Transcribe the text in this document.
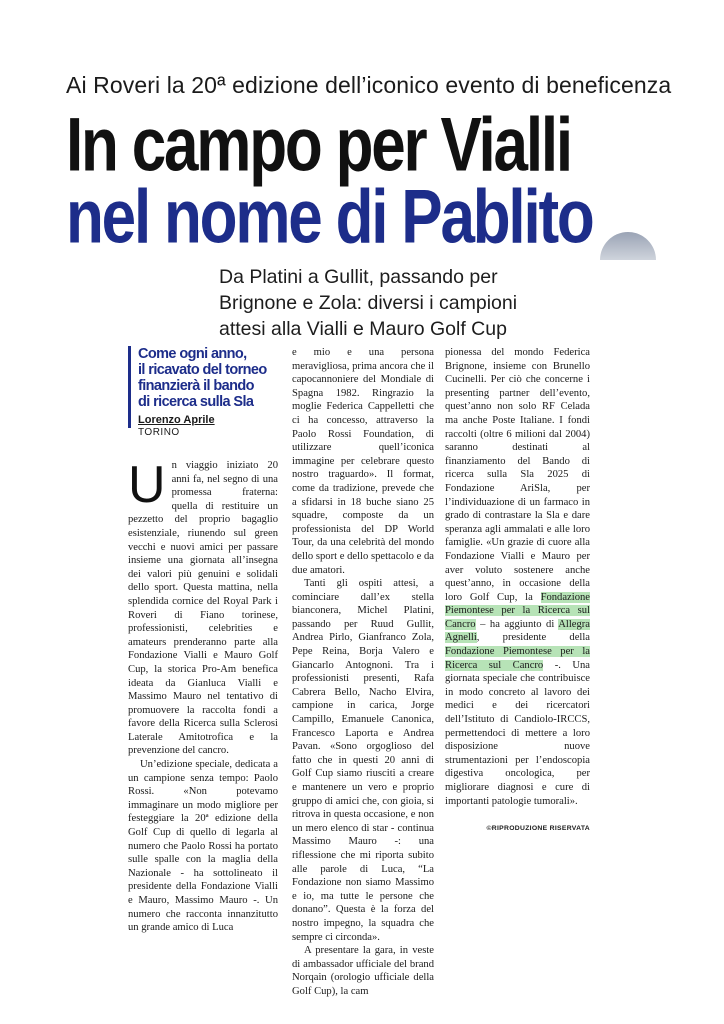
Ai Roveri la 20ª edizione dell’iconico evento di beneficenza
In campo per Vialli
nel nome di Pablito
Da Platini a Gullit, passando per
Brignone e Zola: diversi i campioni
attesi alla Vialli e Mauro Golf Cup
Come ogni anno,
il ricavato del torneo
finanzierà il bando
di ricerca sulla Sla
Lorenzo Aprile
TORINO

Un viaggio iniziato 20 anni fa, nel segno di una promessa fraterna: quella di restituire un pezzetto del proprio bagaglio esistenziale, riunendo sul green vecchi e nuovi amici per passare insieme una giornata all’insegna dei valori più genuini e solidali dello sport. Questa mattina, nella splendida cornice del Royal Park i Roveri di Fiano torinese, professionisti, celebrities e amateurs prenderanno parte alla Fondazione Vialli e Mauro Golf Cup, la storica Pro-Am benefica ideata da Gianluca Vialli e Massimo Mauro nel tentativo di promuovere la raccolta fondi a favore della Ricerca sulla Sclerosi Laterale Amitotrofica e la prevenzione del cancro.

Un’edizione speciale, dedicata a un campione senza tempo: Paolo Rossi. «Non potevamo immaginare un modo migliore per festeggiare la 20ª edizione della Golf Cup di quello di legarla al numero che Paolo Rossi ha portato sulle spalle con la maglia della Nazionale - ha sottolineato il presidente della Fondazione Vialli e Mauro, Massimo Mauro -. Un numero che racconta innanzitutto un grande amico di Luca

e mio e una persona meravigliosa, prima ancora che il capocannoniere del Mondiale di Spagna 1982. Ringrazio la moglie Federica Cappelletti che ci ha concesso, attraverso la Paolo Rossi Foundation, di utilizzare quell’iconica immagine per celebrare questo nostro traguardo». Il format, come da tradizione, prevede che a sfidarsi in 18 buche siano 25 squadre, composte da un professionista del DP World Tour, da una celebrità del mondo dello sport e dello spettacolo e da due amatori.

Tanti gli ospiti attesi, a cominciare dall’ex stella bianconera, Michel Platini, passando per Ruud Gullit, Andrea Pirlo, Gianfranco Zola, Pepe Reina, Borja Valero e Giancarlo Antognoni. Tra i professionisti presenti, Rafa Cabrera Bello, Nacho Elvira, campione in carica, Jorge Campillo, Emanuele Canonica, Francesco Laporta e Andrea Pavan. «Sono orgoglioso del fatto che in questi 20 anni di Golf Cup siamo riusciti a creare e mantenere un vero e proprio gruppo di amici che, con gioia, si ritrova in questa occasione, e non un mero elenco di star - continua Massimo Mauro -: una riflessione che mi riporta subito alle parole di Luca, “La Fondazione non siamo Massimo e io, ma tutte le persone che donano”. Questa è la forza del nostro impegno, la squadra che sempre ci circonda».

A presentare la gara, in veste di ambassador ufficiale del brand Norqain (orologio ufficiale della Golf Cup), la cam

pionessa del mondo Federica Brignone, insieme con Brunello Cucinelli. Per ciò che concerne i presenting partner dell’evento, quest’anno non solo RF Celada ma anche Poste Italiane. I fondi raccolti (oltre 6 milioni dal 2004) saranno destinati al finanziamento del Bando di ricerca sulla Sla 2025 di Fondazione AriSla, per l’individuazione di un farmaco in grado di contrastare la Sla e dare speranza agli ammalati e alle loro famiglie. «Un grazie di cuore alla Fondazione Vialli e Mauro per aver voluto sostenere anche quest’anno, in occasione della loro Golf Cup, la Fondazione Piemontese per la Ricerca sul Cancro – ha aggiunto di Allegra Agnelli, presidente della Fondazione Piemontese per la Ricerca sul Cancro -. Una giornata speciale che contribuisce in modo concreto al lavoro dei medici e dei ricercatori dell’Istituto di Candiolo-IRCCS, permettendoci di mettere a loro disposizione nuove strumentazioni per l’endoscopia digestiva oncologica, per migliorare diagnosi e cure di importanti patologie tumorali».

©RIPRODUZIONE RISERVATA
